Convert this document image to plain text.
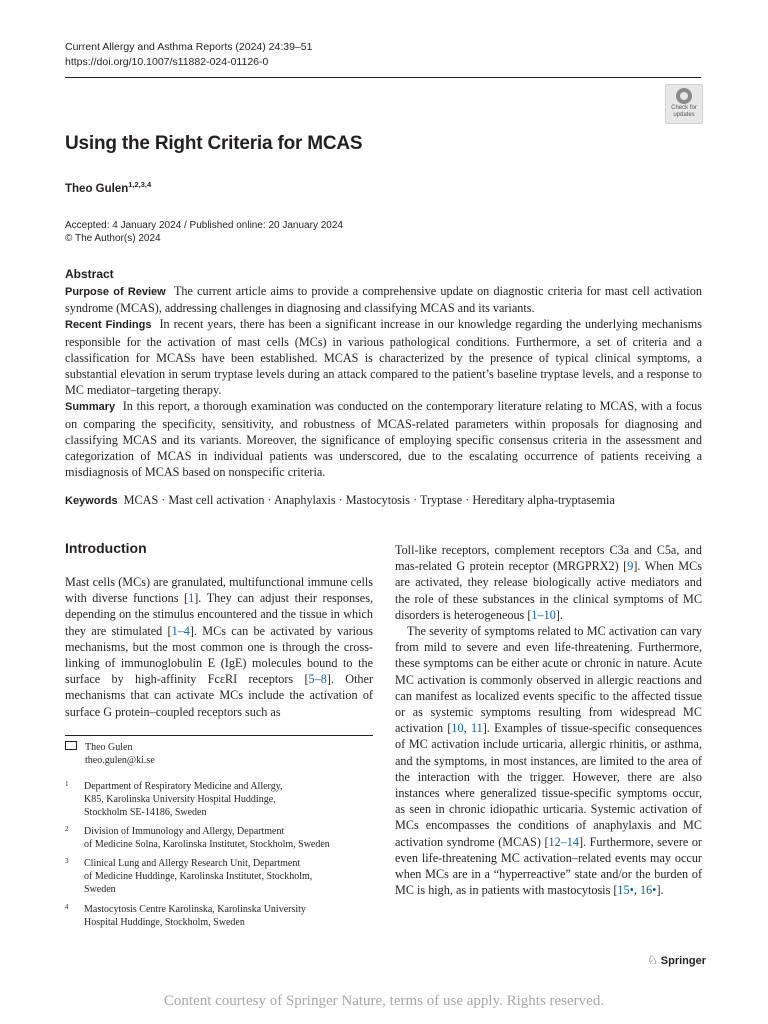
Current Allergy and Asthma Reports (2024) 24:39–51
https://doi.org/10.1007/s11882-024-01126-0
Check for
updates
Using the Right Criteria for MCAS
Theo Gulen$^{1,2,3,4}$
Accepted: 4 January 2024 / Published online: 20 January 2024
© The Author(s) 2024
Abstract

Purpose of Review The current article aims to provide a comprehensive update on diagnostic criteria for mast cell activation syndrome (MCAS), addressing challenges in diagnosing and classifying MCAS and its variants.

Recent Findings In recent years, there has been a significant increase in our knowledge regarding the underlying mechanisms responsible for the activation of mast cells (MCs) in various pathological conditions. Furthermore, a set of criteria and a classification for MCASs have been established. MCAS is characterized by the presence of typical clinical symptoms, a substantial elevation in serum tryptase levels during an attack compared to the patient’s baseline tryptase levels, and a response to MC mediator–targeting therapy.

Summary In this report, a thorough examination was conducted on the contemporary literature relating to MCAS, with a focus on comparing the specificity, sensitivity, and robustness of MCAS-related parameters within proposals for diagnosing and classifying MCAS and its variants. Moreover, the significance of employing specific consensus criteria in the assessment and categorization of MCAS in individual patients was underscored, due to the escalating occurrence of patients receiving a misdiagnosis of MCAS based on nonspecific criteria.

Keywords MCAS · Mast cell activation · Anaphylaxis · Mastocytosis · Tryptase · Hereditary alpha-tryptasemia
Introduction

Mast cells (MCs) are granulated, multifunctional immune cells with diverse functions [1]. They can adjust their responses, depending on the stimulus encountered and the tissue in which they are stimulated [1–4]. MCs can be activated by various mechanisms, but the most common one is through the cross-linking of immunoglobulin E (IgE) molecules bound to the surface by high-affinity FcεRI receptors [5–8]. Other mechanisms that can activate MCs include the activation of surface G protein–coupled receptors such as

Toll-like receptors, complement receptors C3a and C5a, and mas-related G protein receptor (MRGPRX2) [9]. When MCs are activated, they release biologically active mediators and the role of these substances in the clinical symptoms of MC disorders is heterogeneous [1–10].

The severity of symptoms related to MC activation can vary from mild to severe and even life-threatening. Furthermore, these symptoms can be either acute or chronic in nature. Acute MC activation is commonly observed in allergic reactions and can manifest as localized events specific to the affected tissue or as systemic symptoms resulting from widespread MC activation [10, 11]. Examples of tissue-specific consequences of MC activation include urticaria, allergic rhinitis, or asthma, and the symptoms, in most instances, are limited to the area of the interaction with the trigger. However, there are also instances where generalized tissue-specific symptoms occur, as seen in chronic idiopathic urticaria. Systemic activation of MCs encompasses the conditions of anaphylaxis and MC activation syndrome (MCAS) [12–14]. Furthermore, severe or even life-threatening MC activation–related events may occur when MCs are in a “hyperreactive” state and/or the burden of MC is high, as in patients with mastocytosis [15•, 16•].

Theo Gulen
theo.gulen@ki.se
1 Department of Respiratory Medicine and Allergy,
K85, Karolinska University Hospital Huddinge,
Stockholm SE-14186, Sweden
2 Division of Immunology and Allergy, Department
of Medicine Solna, Karolinska Institutet, Stockholm, Sweden
3 Clinical Lung and Allergy Research Unit, Department
of Medicine Huddinge, Karolinska Institutet, Stockholm,
Sweden
4 Mastocytosis Centre Karolinska, Karolinska University
Hospital Huddinge, Stockholm, Sweden
♘ Springer
Content courtesy of Springer Nature, terms of use apply. Rights reserved.
